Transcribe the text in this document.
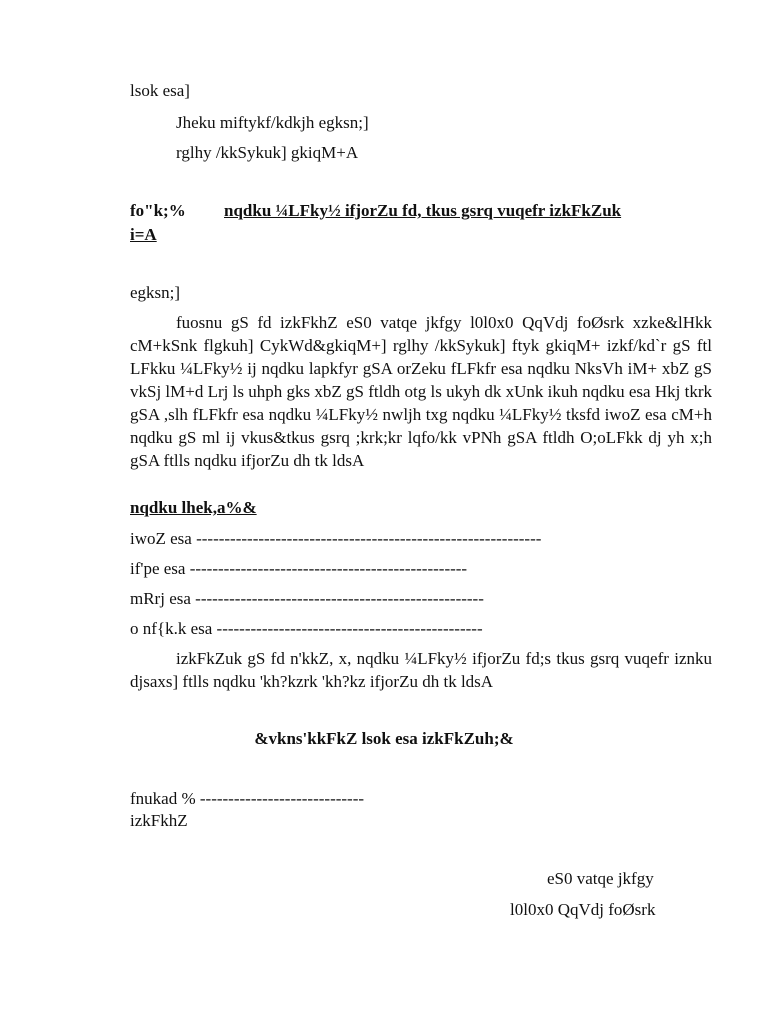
lsok esa]
Jheku miftykf/kdkjh egksn;]
rglhy /kkSykuk] gkiqM+A
fo"k;% nqdku ¼LFky½ ifjorZu fd, tkus gsrq vuqefr izkFkZuk
i=A
egksn;]
fuosnu gS fd izkFkhZ eS0 vatqe jkfgy l0l0x0 QqVdj foØsrk xzke&lHkk cM+kSnk flgkuh] CykWd&gkiqM+] rglhy /kkSykuk] ftyk gkiqM+ izkf/kd`r gS ftl LFkku ¼LFky½ ij nqdku lapkfyr gSA orZeku fLFkfr esa nqdku NksVh iM+ xbZ gS vkSj lM+d Lrj ls uhph gks xbZ gS ftldh otg ls ukyh dk xUnk ikuh nqdku esa Hkj tkrk gSA ,slh fLFkfr esa nqdku ¼LFky½ nwljh txg nqdku ¼LFky½ tksfd iwoZ esa cM+h nqdku gS ml ij vkus&tkus gsrq ;krk;kr lqfo/kk vPNh gSA ftldh O;oLFkk dj yh x;h gSA ftlls nqdku ifjorZu dh tk ldsA
nqdku lhek,a%&
iwoZ esa -------------------------------------------------------------
if'pe esa -------------------------------------------------
mRrj esa ---------------------------------------------------
o nf{k.k esa -----------------------------------------------
izkFkZuk gS fd n'kkZ, x, nqdku ¼LFky½ ifjorZu fd;s tkus gsrq vuqefr iznku djsaxs] ftlls nqdku 'kh?kzrk 'kh?kz ifjorZu dh tk ldsA
&vkns'kkFkZ lsok esa izkFkZuh;&
fnukad % -----------------------------
izkFkhZ
eS0 vatqe jkfgy
l0l0x0 QqVdj foØsrk
